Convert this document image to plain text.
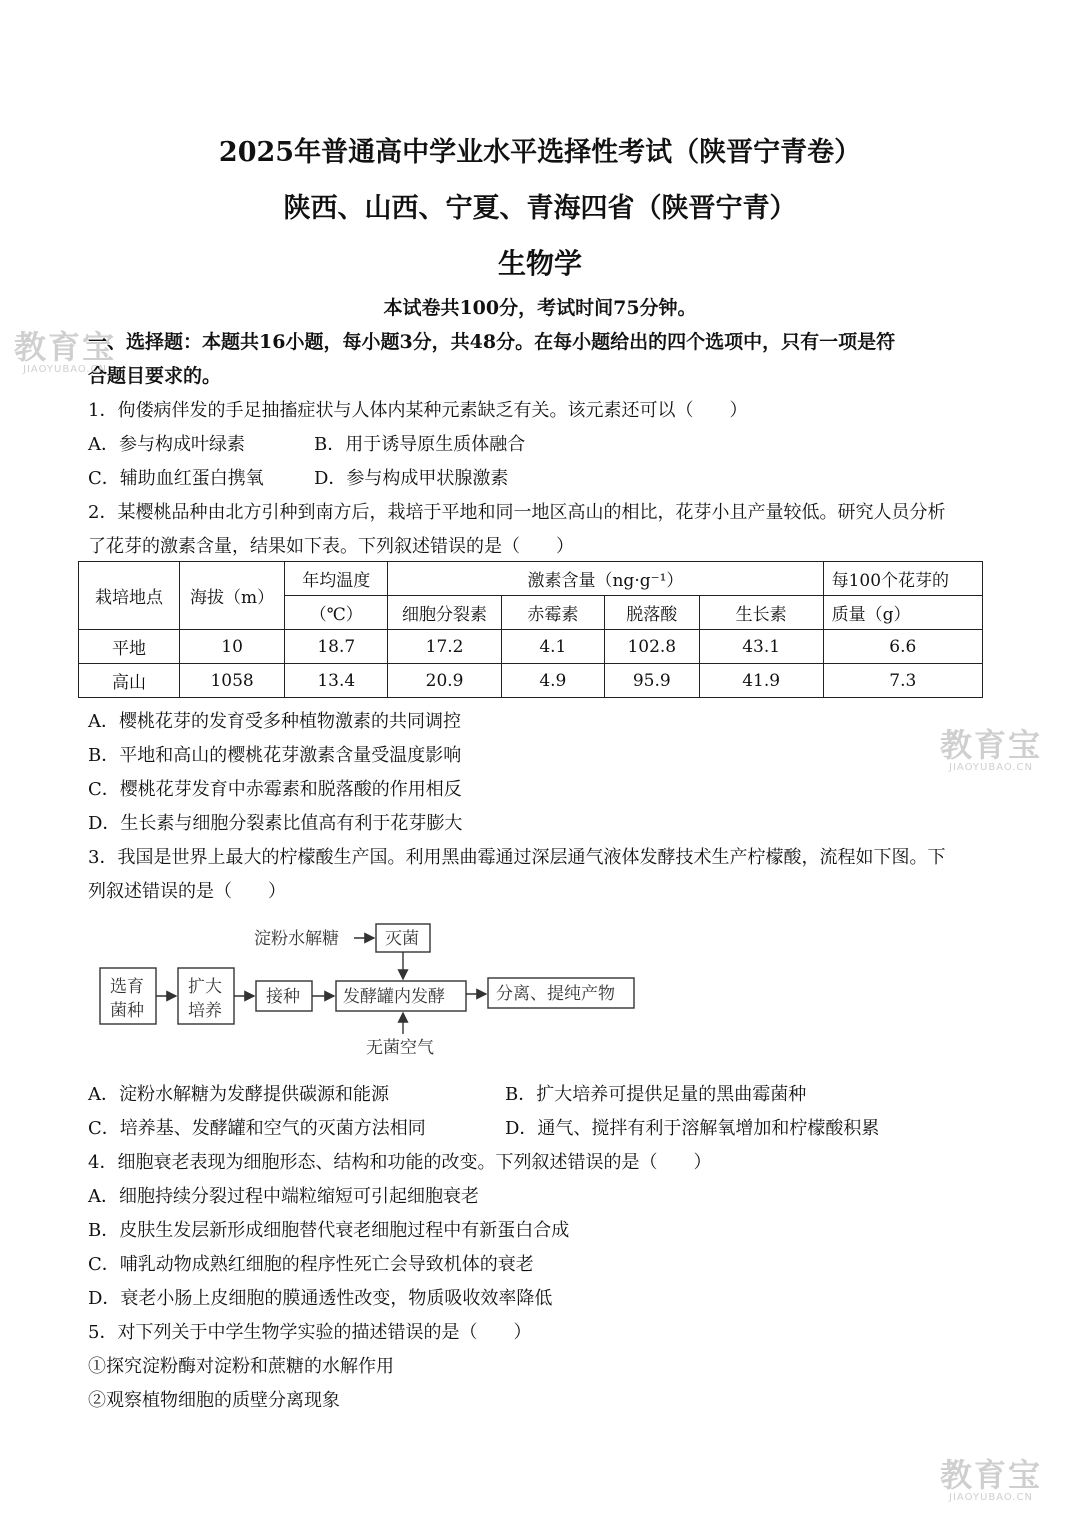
2025年普通高中学业水平选择性考试（陕晋宁青卷）
陕西、山西、宁夏、青海四省（陕晋宁青）
生物学
本试卷共100分，考试时间75分钟。
一、选择题：本题共16小题，每小题3分，共48分。在每小题给出的四个选项中，只有一项是符
合题目要求的。
1．佝偻病伴发的手足抽搐症状与人体内某种元素缺乏有关。该元素还可以（　　）
A．参与构成叶绿素	B．用于诱导原生质体融合
C．辅助血红蛋白携氧	D．参与构成甲状腺激素
2．某樱桃品种由北方引种到南方后，栽培于平地和同一地区高山的相比，花芽小且产量较低。研究人员分析
了花芽的激素含量，结果如下表。下列叙述错误的是（　　）
栽培地点	海拔（m）	年均温度	激素含量（ng·g⁻¹）				每100个花芽的
		（℃）	细胞分裂素	赤霉素	脱落酸	生长素	质量（g）
平地	10	18.7	17.2	4.1	102.8	43.1	6.6
高山	1058	13.4	20.9	4.9	95.9	41.9	7.3
A．樱桃花芽的发育受多种植物激素的共同调控
B．平地和高山的樱桃花芽激素含量受温度影响
C．樱桃花芽发育中赤霉素和脱落酸的作用相反
D．生长素与细胞分裂素比值高有利于花芽膨大
3．我国是世界上最大的柠檬酸生产国。利用黑曲霉通过深层通气液体发酵技术生产柠檬酸，流程如下图。下
列叙述错误的是（　　）
淀粉水解糖	灭菌
选育
菌种
扩大
培养
接种	发酵罐内发酵	分离、提纯产物
无菌空气
A．淀粉水解糖为发酵提供碳源和能源	B．扩大培养可提供足量的黑曲霉菌种
C．培养基、发酵罐和空气的灭菌方法相同	D．通气、搅拌有利于溶解氧增加和柠檬酸积累
4．细胞衰老表现为细胞形态、结构和功能的改变。下列叙述错误的是（　　）
A．细胞持续分裂过程中端粒缩短可引起细胞衰老
B．皮肤生发层新形成细胞替代衰老细胞过程中有新蛋白合成
C．哺乳动物成熟红细胞的程序性死亡会导致机体的衰老
D．衰老小肠上皮细胞的膜通透性改变，物质吸收效率降低
5．对下列关于中学生物学实验的描述错误的是（　　）
①探究淀粉酶对淀粉和蔗糖的水解作用
②观察植物细胞的质壁分离现象
教育宝
JIAOYUBAO.CN
教育宝
JIAOYUBAO.CN
教育宝
JIAOYUBAO.CN
